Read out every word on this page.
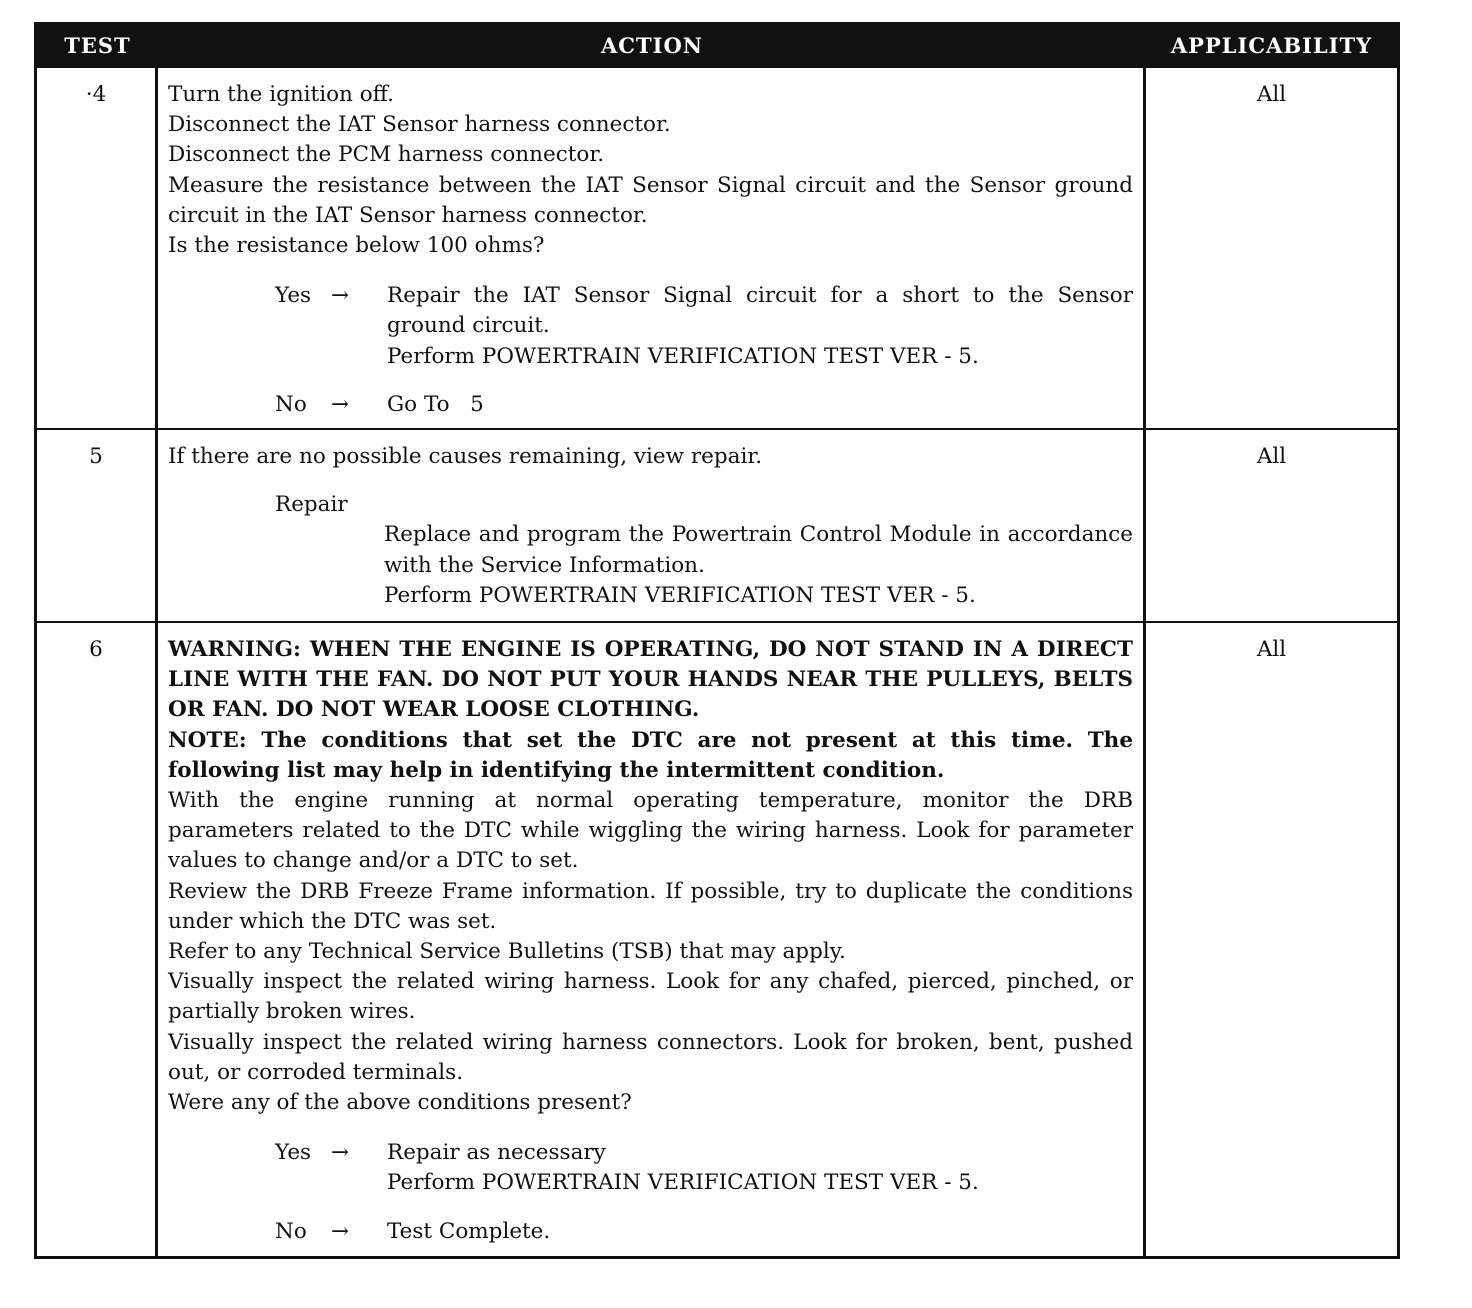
TEST	ACTION	APPLICABILITY
·4	Turn the ignition off.
Disconnect the IAT Sensor harness connector.
Disconnect the PCM harness connector.
Measure the resistance between the IAT Sensor Signal circuit and the Sensor ground circuit in the IAT Sensor harness connector.
Is the resistance below 100 ohms?
Yes →	Repair the IAT Sensor Signal circuit for a short to the Sensor ground circuit.
Perform POWERTRAIN VERIFICATION TEST VER - 5.
No	→	Go To   5
All
5	If there are no possible causes remaining, view repair.
Repair
Replace and program the Powertrain Control Module in accordance with the Service Information.
Perform POWERTRAIN VERIFICATION TEST VER - 5.
All
6	WARNING: WHEN THE ENGINE IS OPERATING, DO NOT STAND IN A DIRECT LINE WITH THE FAN. DO NOT PUT YOUR HANDS NEAR THE PULLEYS, BELTS OR FAN. DO NOT WEAR LOOSE CLOTHING.
NOTE: The conditions that set the DTC are not present at this time. The following list may help in identifying the intermittent condition.
With the engine running at normal operating temperature, monitor the DRB parameters related to the DTC while wiggling the wiring harness. Look for parameter values to change and/or a DTC to set.
Review the DRB Freeze Frame information. If possible, try to duplicate the conditions under which the DTC was set.
Refer to any Technical Service Bulletins (TSB) that may apply.
Visually inspect the related wiring harness. Look for any chafed, pierced, pinched, or partially broken wires.
Visually inspect the related wiring harness connectors. Look for broken, bent, pushed out, or corroded terminals.
Were any of the above conditions present?
Yes →	Repair as necessary
Perform POWERTRAIN VERIFICATION TEST VER - 5.
No	→	Test Complete.
All
